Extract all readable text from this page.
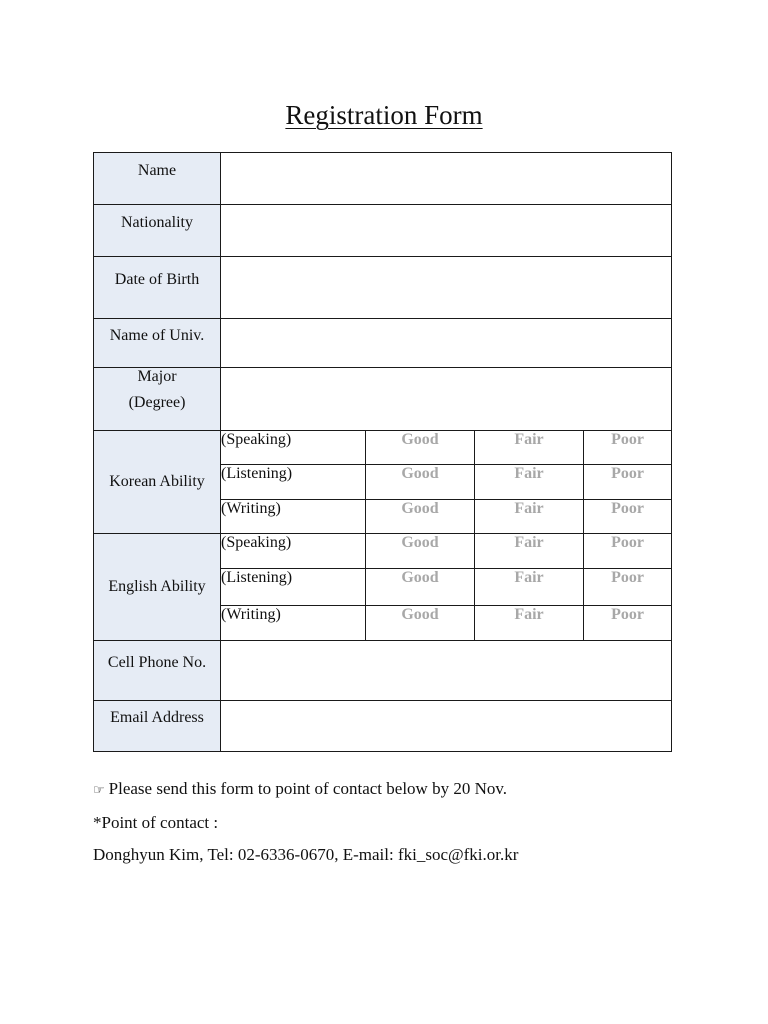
Registration Form
Name				
Nationality				
Date of Birth				
Name of Univ.				
Major
(Degree)				

Korean Ability	(Speaking)	Good	Fair	Poor
	(Listening)	Good	Fair	Poor
	(Writing)	Good	Fair	Poor
English Ability	(Speaking)	Good	Fair	Poor
	(Listening)	Good	Fair	Poor
	(Writing)	Good	Fair	Poor
Cell Phone No.				
Email Address				
☞ Please send this form to point of contact below by 20 Nov.
*Point of contact :
Donghyun Kim, Tel: 02-6336-0670, E-mail: fki_soc@fki.or.kr
